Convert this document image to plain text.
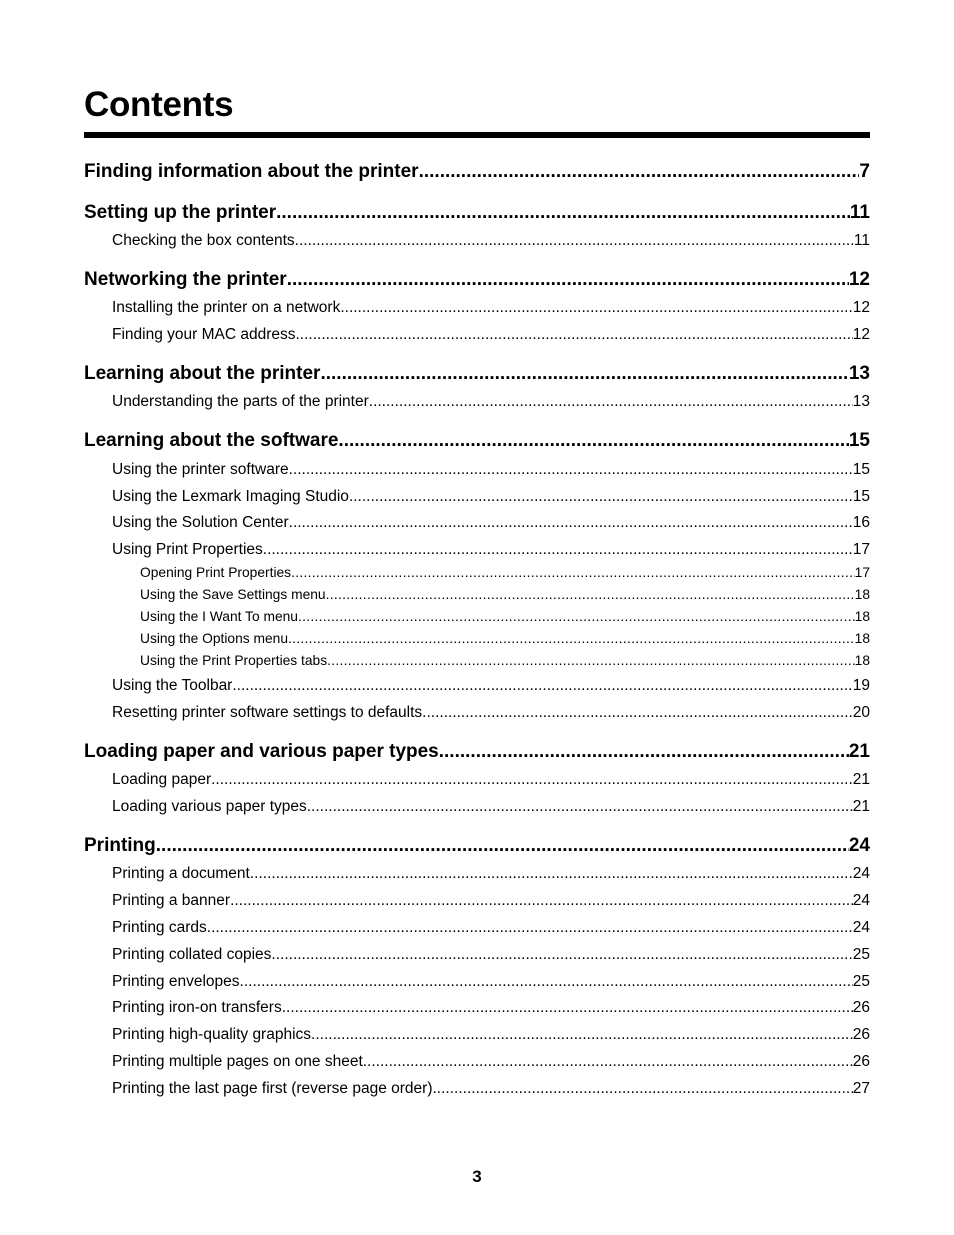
Contents
Finding information about the printer .....	7
Setting up the printer .....	11
Checking the box contents .....	11
Networking the printer .....	12
Installing the printer on a network .....	12
Finding your MAC address .....	12
Learning about the printer .....	13
Understanding the parts of the printer .....	13
Learning about the software .....	15
Using the printer software .....	15
Using the Lexmark Imaging Studio .....	15
Using the Solution Center .....	16
Using Print Properties .....	17
Opening Print Properties .....	17
Using the Save Settings menu .....	18
Using the I Want To menu .....	18
Using the Options menu .....	18
Using the Print Properties tabs .....	18
Using the Toolbar .....	19
Resetting printer software settings to defaults .....	20
Loading paper and various paper types .....	21
Loading paper .....	21
Loading various paper types .....	21
Printing .....	24
Printing a document .....	24
Printing a banner .....	24
Printing cards .....	24
Printing collated copies .....	25
Printing envelopes .....	25
Printing iron-on transfers .....	26
Printing high-quality graphics .....	26
Printing multiple pages on one sheet .....	26
Printing the last page first (reverse page order) .....	27
3
